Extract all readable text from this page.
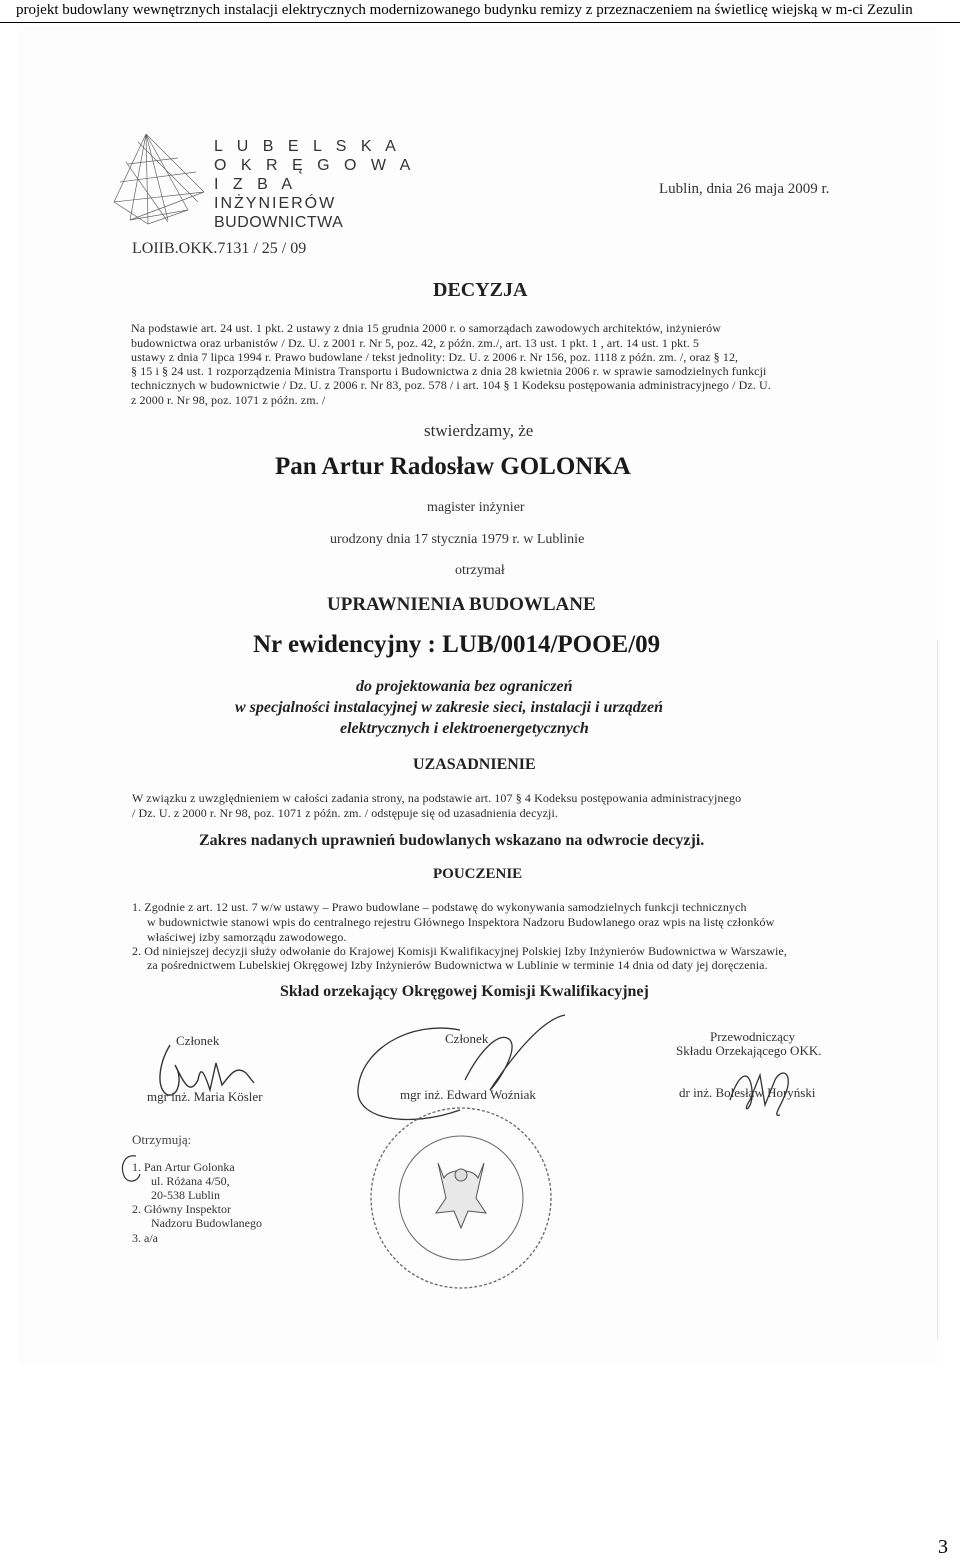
projekt budowlany wewnętrznych instalacji elektrycznych modernizowanego budynku remizy z przeznaczeniem na świetlicę wiejską w m-ci Zezulin

L U B E L S K A

O K R Ę G O W A

I Z B A

INŻYNIERÓW

BUDOWNICTWA

Lublin, dnia 26 maja 2009 r.

LOIIB.OKK.7131 / 25 / 09

DECYZJA

Na podstawie art. 24 ust. 1 pkt. 2 ustawy z dnia 15 grudnia 2000 r. o samorządach zawodowych architektów, inżynierów

budownictwa oraz urbanistów / Dz. U. z 2001 r. Nr 5, poz. 42, z późn. zm./, art. 13 ust. 1 pkt. 1 , art. 14 ust. 1 pkt. 5

ustawy z dnia 7 lipca 1994 r. Prawo budowlane / tekst jednolity: Dz. U. z 2006 r. Nr 156, poz. 1118 z późn. zm. /, oraz § 12,

§ 15 i § 24 ust. 1 rozporządzenia Ministra Transportu i Budownictwa z dnia 28 kwietnia 2006 r. w sprawie samodzielnych funkcji

technicznych w budownictwie / Dz. U. z 2006 r. Nr 83, poz. 578 / i art. 104 § 1 Kodeksu postępowania administracyjnego / Dz. U.

z 2000 r. Nr 98, poz. 1071 z późn. zm. /

stwierdzamy, że

Pan Artur Radosław GOLONKA

magister inżynier

urodzony dnia 17 stycznia 1979 r. w Lublinie

otrzymał

UPRAWNIENIA BUDOWLANE

Nr ewidencyjny : LUB/0014/POOE/09

do projektowania bez ograniczeń

w specjalności instalacyjnej w zakresie sieci, instalacji i urządzeń

elektrycznych i elektroenergetycznych

UZASADNIENIE

W związku z uwzględnieniem w całości zadania strony, na podstawie art. 107 § 4 Kodeksu postępowania administracyjnego

/ Dz. U. z 2000 r. Nr 98, poz. 1071 z późn. zm. / odstępuje się od uzasadnienia decyzji.

Zakres nadanych uprawnień budowlanych wskazano na odwrocie decyzji.

POUCZENIE

1. Zgodnie z art. 12 ust. 7 w/w ustawy – Prawo budowlane – podstawę do wykonywania samodzielnych funkcji technicznych

w budownictwie stanowi wpis do centralnego rejestru Głównego Inspektora Nadzoru Budowlanego oraz wpis na listę członków

właściwej izby samorządu zawodowego.

2. Od niniejszej decyzji służy odwołanie do Krajowej Komisji Kwalifikacyjnej Polskiej Izby Inżynierów Budownictwa w Warszawie,

za pośrednictwem Lubelskiej Okręgowej Izby Inżynierów Budownictwa w Lublinie w terminie 14 dnia od daty jej doręczenia.

Skład orzekający Okręgowej Komisji Kwalifikacyjnej

Członek	Członek	Przewodniczący

Składu Orzekającego OKK.

mgr inż. Maria Kösler	mgr inż. Edward Woźniak	dr inż. Bolesław Horyński

Otrzymują:

1. Pan Artur Golonka

ul. Różana 4/50,

20-538 Lublin

2. Główny Inspektor

Nadzoru Budowlanego

3. a/a

3
